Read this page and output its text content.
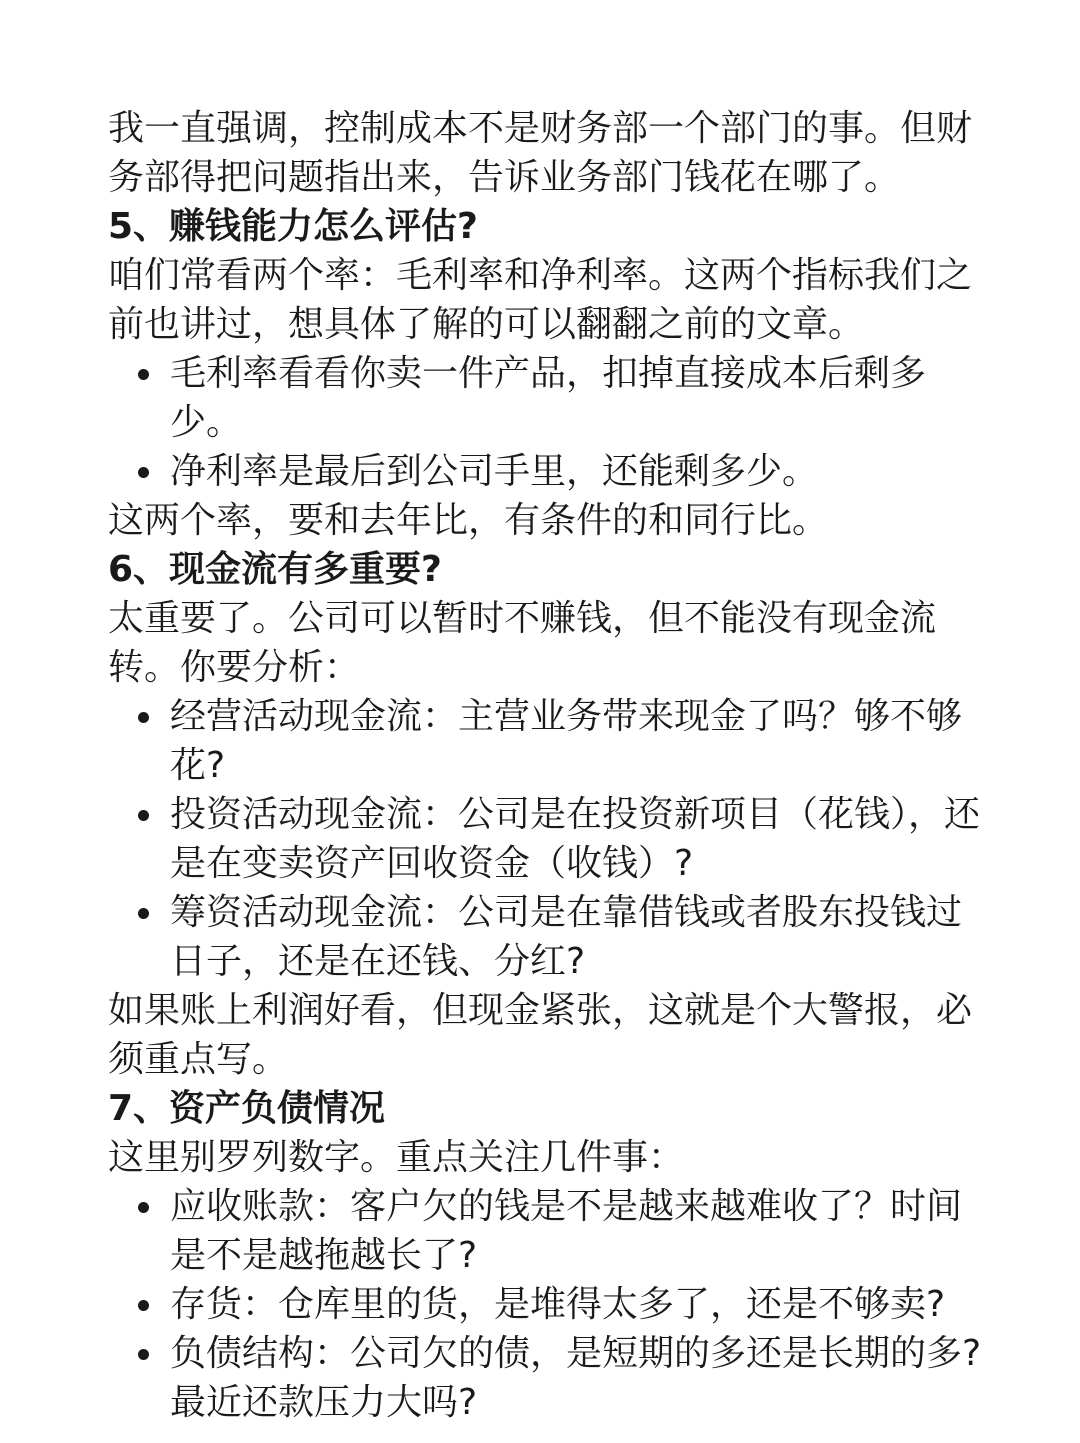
我一直强调，控制成本不是财务部一个部门的事。但财务部得把问题指出来，告诉业务部门钱花在哪了。

5、赚钱能力怎么评估?

咱们常看两个率：毛利率和净利率。这两个指标我们之前也讲过，想具体了解的可以翻翻之前的文章。

毛利率看看你卖一件产品，扣掉直接成本后剩多少。
净利率是最后到公司手里，还能剩多少。

这两个率，要和去年比，有条件的和同行比。

6、现金流有多重要?

太重要了。公司可以暂时不赚钱，但不能没有现金流转。你要分析：

经营活动现金流：主营业务带来现金了吗？够不够花?
投资活动现金流：公司是在投资新项目（花钱），还是在变卖资产回收资金（收钱）?
筹资活动现金流：公司是在靠借钱或者股东投钱过日子，还是在还钱、分红?

如果账上利润好看，但现金紧张，这就是个大警报，必须重点写。

7、资产负债情况

这里别罗列数字。重点关注几件事：

应收账款：客户欠的钱是不是越来越难收了？时间是不是越拖越长了?
存货：仓库里的货，是堆得太多了，还是不够卖?
负债结构：公司欠的债，是短期的多还是长期的多?最近还款压力大吗?
